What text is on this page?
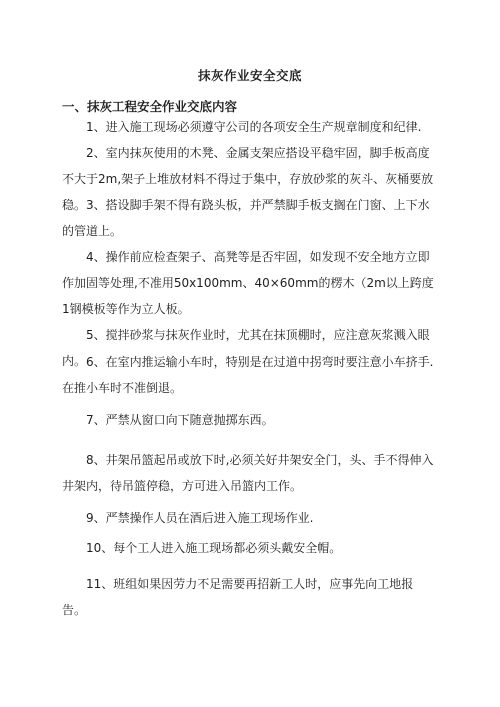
抹灰作业安全交底
一、抹灰工程安全作业交底内容

1、进入施工现场必须遵守公司的各项安全生产规章制度和纪律.

2、室内抹灰使用的木凳、金属支架应搭设平稳牢固，脚手板高度不大于2m,架子上堆放材料不得过于集中，存放砂浆的灰斗、灰桶要放稳。 3、搭设脚手架不得有跷头板，并严禁脚手板支搁在门窗、上下水的管道上。

4、操作前应检查架子、高凳等是否牢固，如发现不安全地方立即作加固等处理,不准用50x100mm、40×60mm的楞木（2m以上跨度1钢模板等作为立人板。

5、搅拌砂浆与抹灰作业时，尤其在抹顶棚时，应注意灰浆溅入眼内。 6、在室内推运输小车时，特别是在过道中拐弯时要注意小车挤手.在推小车时不准倒退。

7、严禁从窗口向下随意抛掷东西。

8、井架吊篮起吊或放下时,必须关好井架安全门，头、手不得伸入井架内，待吊篮停稳，方可进入吊篮内工作。

9、严禁操作人员在酒后进入施工现场作业.

10、每个工人进入施工现场都必须头戴安全帽。

11、班组如果因劳力不足需要再招新工人时，应事先向工地报告。
